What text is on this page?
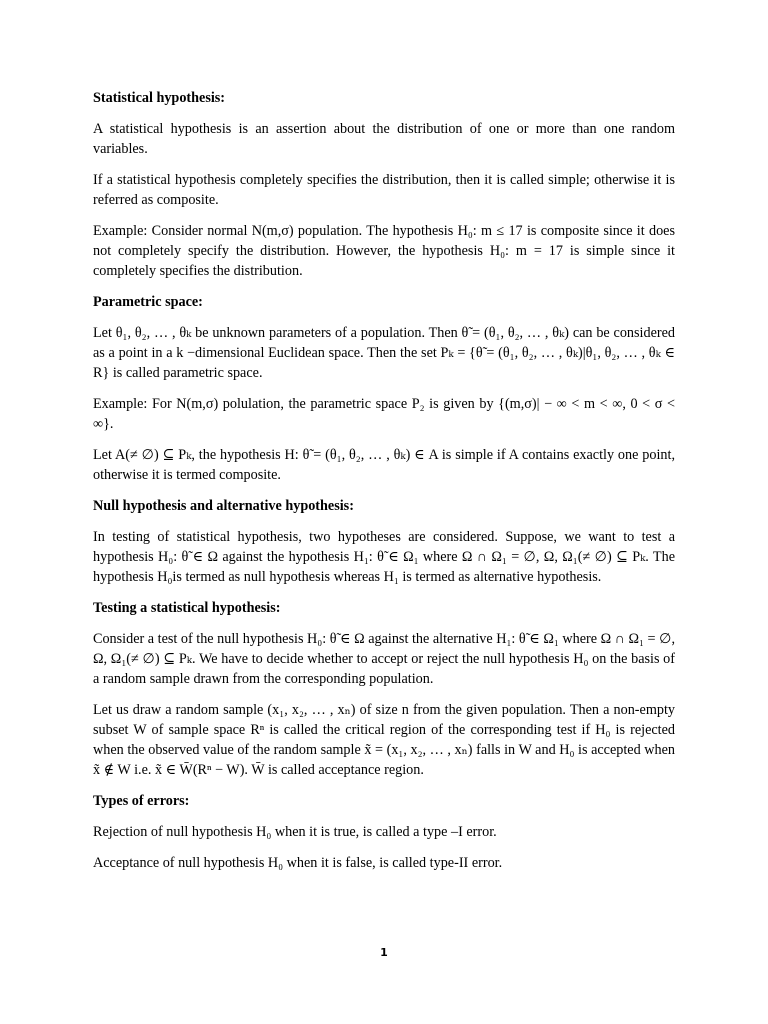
Statistical hypothesis:

A statistical hypothesis is an assertion about the distribution of one or more than one random variables.

If a statistical hypothesis completely specifies the distribution, then it is called simple; otherwise it is referred as composite.

Example: Consider normal N(m,σ) population. The hypothesis H₀: m ≤ 17 is composite since it does not completely specify the distribution. However, the hypothesis H₀: m = 17 is simple since it completely specifies the distribution.

Parametric space:

Let θ₁, θ₂, … , θₖ be unknown parameters of a population. Then θ̃ = (θ₁, θ₂, … , θₖ) can be considered as a point in a k −dimensional Euclidean space. Then the set Pₖ = {θ̃ = (θ₁, θ₂, … , θₖ)|θ₁, θ₂, … , θₖ ∈ R} is called parametric space.

Example: For N(m,σ) polulation, the parametric space P₂ is given by {(m,σ)| − ∞ < m < ∞, 0 < σ < ∞}.

Let A(≠ ∅) ⊆ Pₖ, the hypothesis H: θ̃ = (θ₁, θ₂, … , θₖ) ∈ A is simple if A contains exactly one point, otherwise it is termed composite.

Null hypothesis and alternative hypothesis:

In testing of statistical hypothesis, two hypotheses are considered. Suppose, we want to test a hypothesis H₀: θ̃ ∈ Ω against the hypothesis H₁: θ̃ ∈ Ω₁ where Ω ∩ Ω₁ = ∅, Ω, Ω₁(≠ ∅) ⊆ Pₖ. The hypothesis H₀is termed as null hypothesis whereas H₁ is termed as alternative hypothesis.

Testing a statistical hypothesis:

Consider a test of the null hypothesis H₀: θ̃ ∈ Ω against the alternative H₁: θ̃ ∈ Ω₁ where Ω ∩ Ω₁ = ∅, Ω, Ω₁(≠ ∅) ⊆ Pₖ. We have to decide whether to accept or reject the null hypothesis H₀ on the basis of a random sample drawn from the corresponding population.

Let us draw a random sample (x₁, x₂, … , xₙ) of size n from the given population. Then a non-empty subset W of sample space Rⁿ is called the critical region of the corresponding test if H₀ is rejected when the observed value of the random sample x̃ = (x₁, x₂, … , xₙ) falls in W and H₀ is accepted when x̃ ∉ W i.e. x̃ ∈ W̄(Rⁿ − W). W̄ is called acceptance region.

Types of errors:

Rejection of null hypothesis H₀ when it is true, is called a type –I error.

Acceptance of null hypothesis H₀ when it is false, is called type-II error.

1
